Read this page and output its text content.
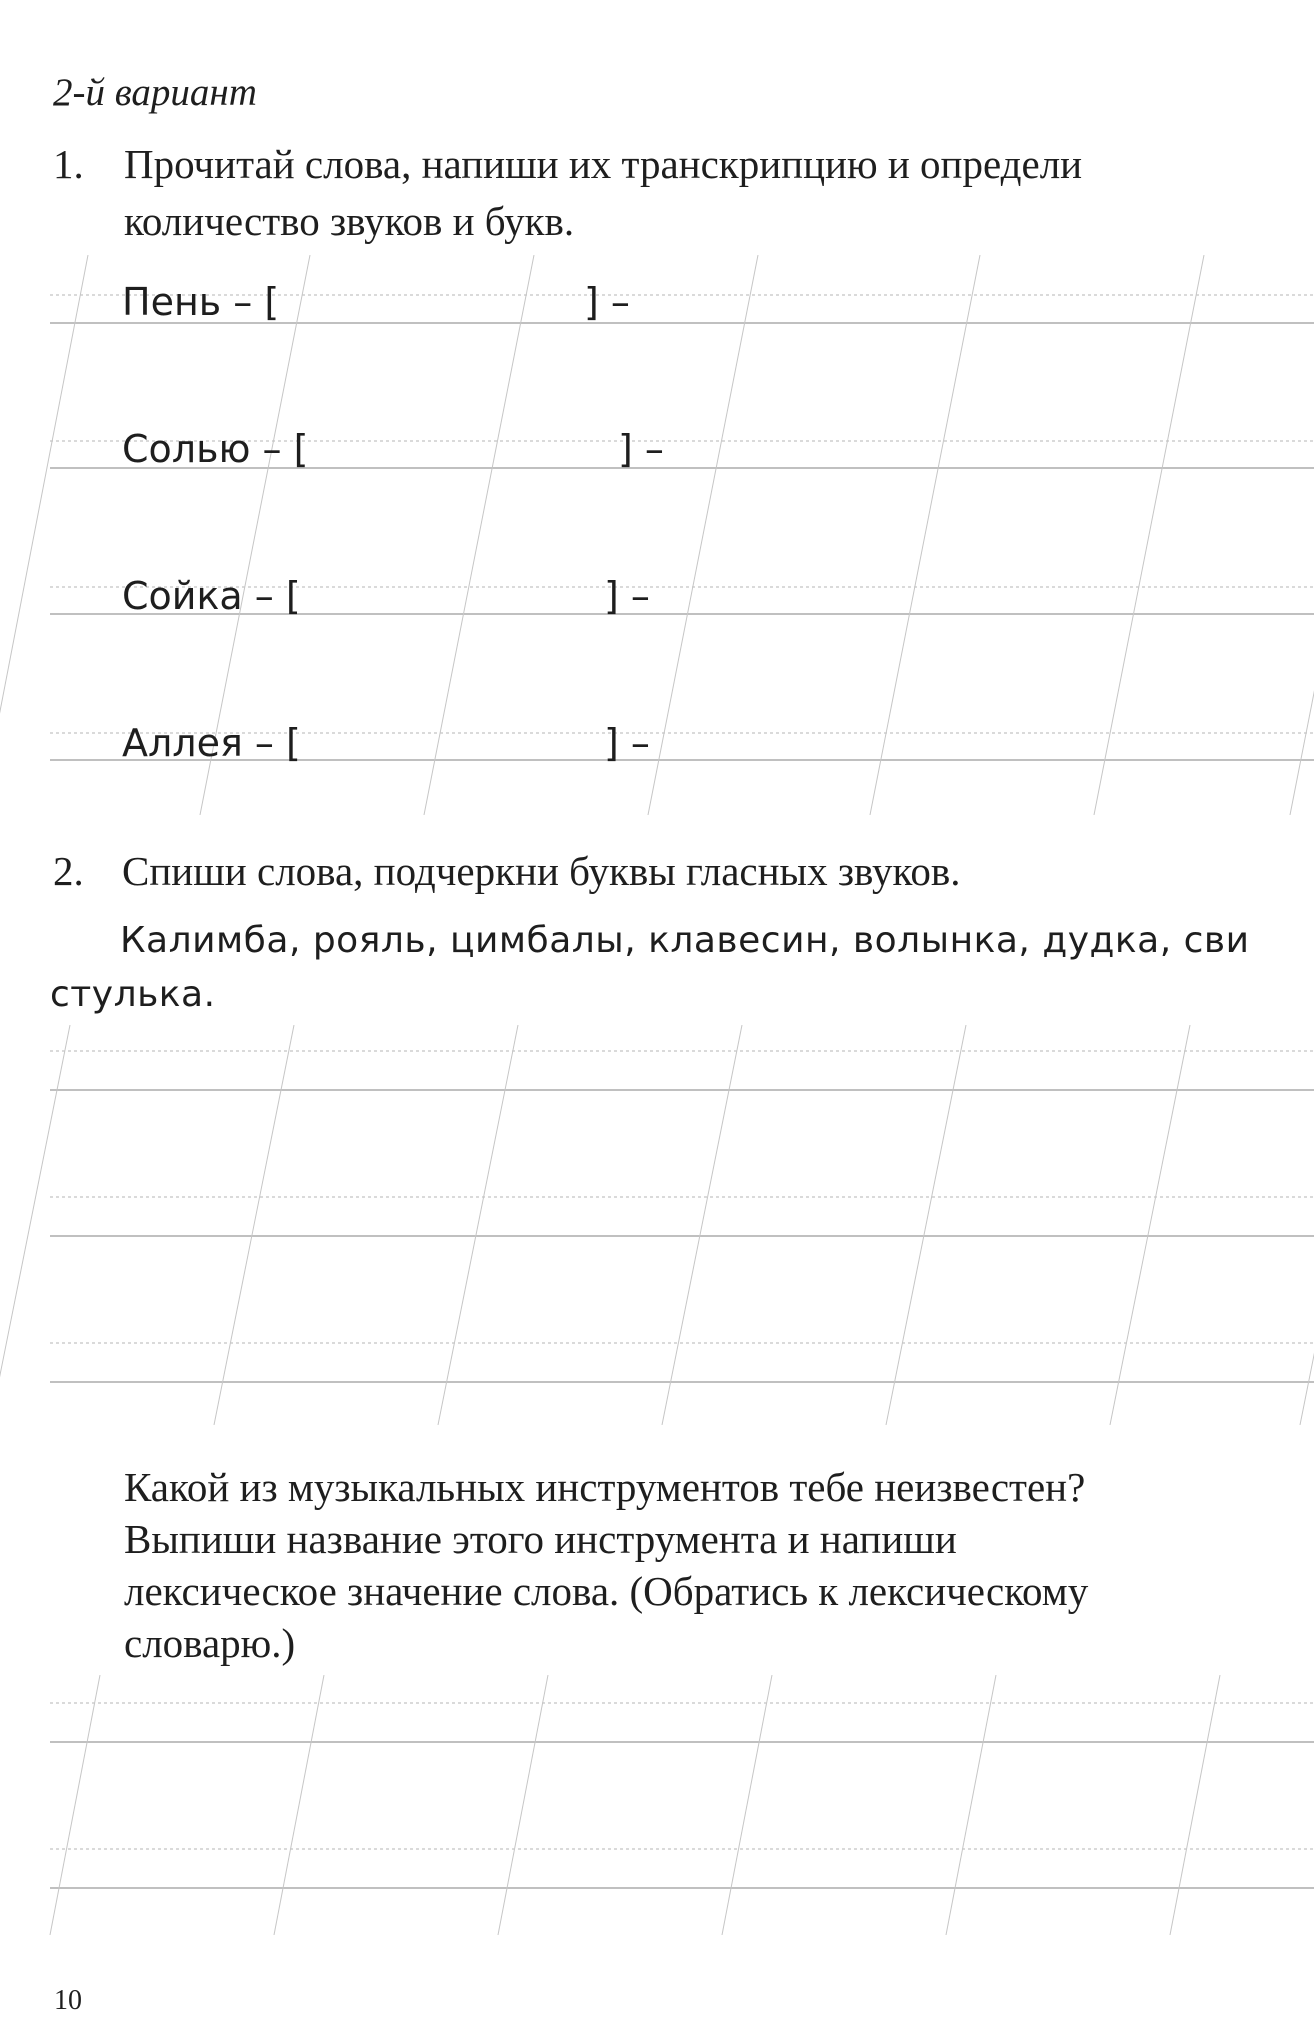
2-й вариант
1. Прочитай слова, напиши их транскрипцию и определи
количество звуков и букв.
Пень – [	] –
Солью – [	] –
Сойка – [	] –
Аллея – [	] –
2. Спиши слова, подчеркни буквы гласных звуков.
Калимба, рояль, цимбалы, клавесин, волынка, дудка, сви
стулька.
Какой из музыкальных инструментов тебе неизвестен?
Выпиши название этого инструмента и напиши
лексическое значение слова. (Обратись к лексическому
словарю.)
10
